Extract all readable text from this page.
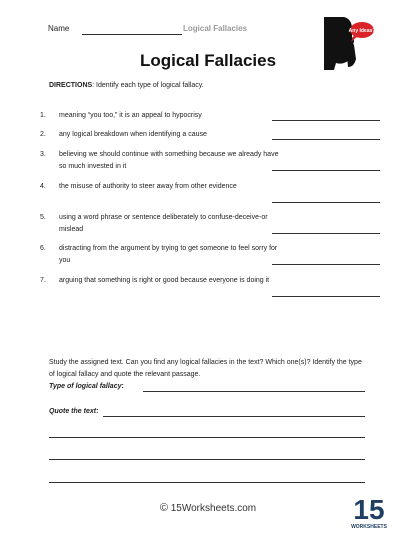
Name	Logical Fallacies	Any Ideas?
Logical Fallacies
DIRECTIONS: Identify each type of logical fallacy.
1.	meaning “you too,” it is an appeal to hypocrisy
2.	any logical breakdown when identifying a cause
3.	believing we should continue with something because we already have so much invested in it
4.	the misuse of authority to steer away from other evidence
5.	using a word phrase or sentence deliberately to confuse-deceive-or mislead
6.	distracting from the argument by trying to get someone to feel sorry for you
7.	arguing that something is right or good because everyone is doing it
Study the assigned text. Can you find any logical fallacies in the text? Which one(s)? Identify the type of logical fallacy and quote the relevant passage.
Type of logical fallacy:
Quote the text:
© 15Worksheets.com	15
WORKSHEETS
